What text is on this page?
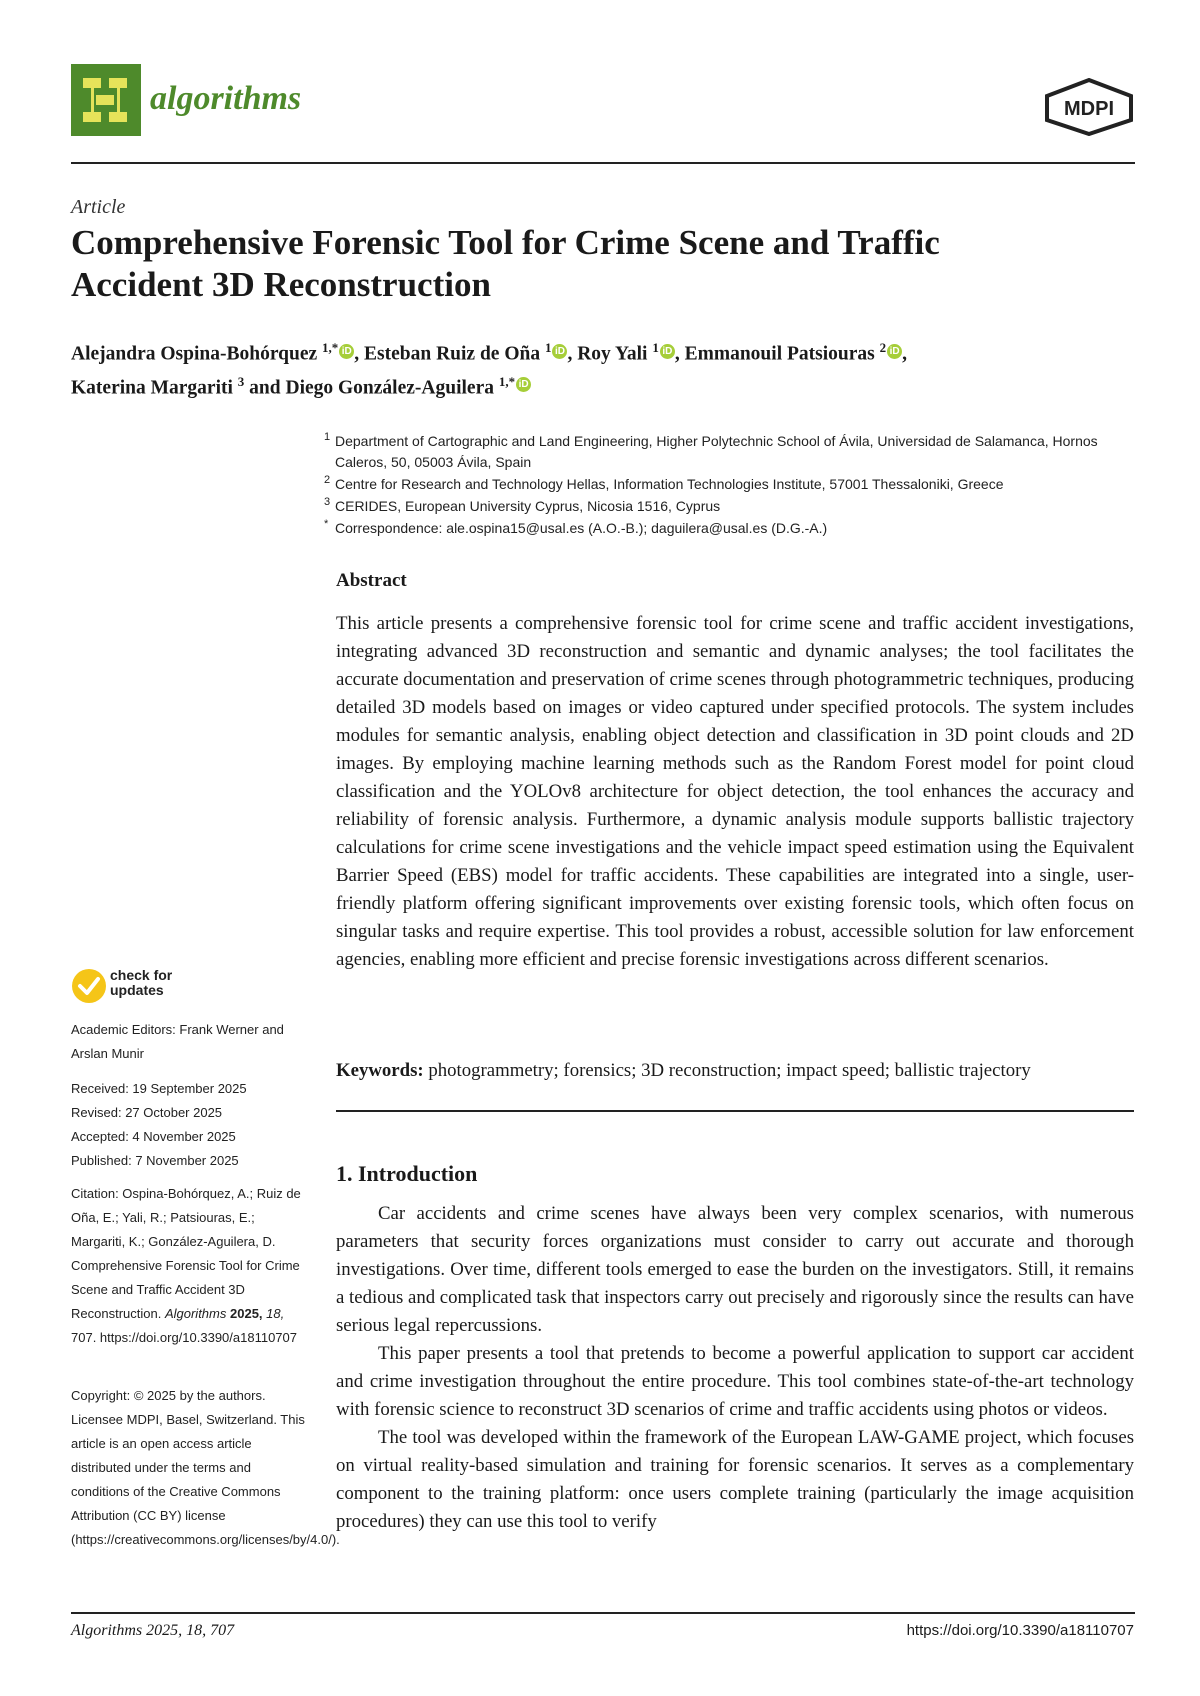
algorithms	MDPI
Article
Comprehensive Forensic Tool for Crime Scene and Traffic
Accident 3D Reconstruction
Alejandra Ospina-Bohórquez $^{1,*}$ iD , Esteban Ruiz de Oña $^1$ iD , Roy Yali $^1$ iD , Emmanouil Patsiouras $^2$ iD ,
Katerina Margariti $^3$ and Diego González-Aguilera $^{1,*}$ iD
1 Department of Cartographic and Land Engineering, Higher Polytechnic School of Ávila, Universidad de Salamanca, Hornos Caleros, 50, 05003 Ávila, Spain
2 Centre for Research and Technology Hellas, Information Technologies Institute, 57001 Thessaloniki, Greece
3 CERIDES, European University Cyprus, Nicosia 1516, Cyprus
* Correspondence: ale.ospina15@usal.es (A.O.-B.); daguilera@usal.es (D.G.-A.)
Abstract
This article presents a comprehensive forensic tool for crime scene and traffic accident investigations, integrating advanced 3D reconstruction and semantic and dynamic analyses; the tool facilitates the accurate documentation and preservation of crime scenes through photogrammetric techniques, producing detailed 3D models based on images or video captured under specified protocols. The system includes modules for semantic analysis, enabling object detection and classification in 3D point clouds and 2D images. By employing machine learning methods such as the Random Forest model for point cloud classification and the YOLOv8 architecture for object detection, the tool enhances the accuracy and reliability of forensic analysis. Furthermore, a dynamic analysis module supports ballistic trajectory calculations for crime scene investigations and the vehicle impact speed estimation using the Equivalent Barrier Speed (EBS) model for traffic accidents. These capabilities are integrated into a single, user-friendly platform offering significant improvements over existing forensic tools, which often focus on singular tasks and require expertise. This tool provides a robust, accessible solution for law enforcement agencies, enabling more efficient and precise forensic investigations across different scenarios.
Keywords: photogrammetry; forensics; 3D reconstruction; impact speed; ballistic trajectory
1. Introduction

Car accidents and crime scenes have always been very complex scenarios, with numerous parameters that security forces organizations must consider to carry out accurate and thorough investigations. Over time, different tools emerged to ease the burden on the investigators. Still, it remains a tedious and complicated task that inspectors carry out precisely and rigorously since the results can have serious legal repercussions.

This paper presents a tool that pretends to become a powerful application to support car accident and crime investigation throughout the entire procedure. This tool combines state-of-the-art technology with forensic science to reconstruct 3D scenarios of crime and traffic accidents using photos or videos.

The tool was developed within the framework of the European LAW-GAME project, which focuses on virtual reality-based simulation and training for forensic scenarios. It serves as a complementary component to the training platform: once users complete training (particularly the image acquisition procedures) they can use this tool to verify

check for
updates
Academic Editors: Frank Werner and Arslan Munir
Received: 19 September 2025
Revised: 27 October 2025
Accepted: 4 November 2025
Published: 7 November 2025
Citation: Ospina-Bohórquez, A.; Ruiz de Oña, E.; Yali, R.; Patsiouras, E.; Margariti, K.; González-Aguilera, D. Comprehensive Forensic Tool for Crime Scene and Traffic Accident 3D Reconstruction. Algorithms 2025, 18, 707. https://doi.org/10.3390/a18110707
Copyright: © 2025 by the authors. Licensee MDPI, Basel, Switzerland. This article is an open access article distributed under the terms and conditions of the Creative Commons Attribution (CC BY) license (https://creativecommons.org/licenses/by/4.0/).
Algorithms 2025, 18, 707	https://doi.org/10.3390/a18110707
